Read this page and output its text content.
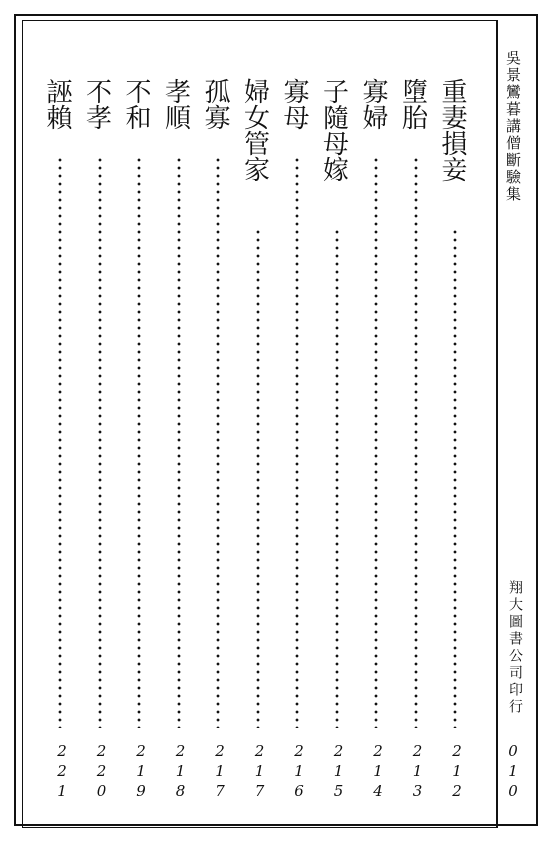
吳景鸞暮講僧斷驗集
翔大圖書公司印行
010
重妻損妾
212
墮胎
213
寡婦
214
子隨母嫁
215
寡母
216
婦女管家
217
孤寡
217
孝順
218
不和
219
不孝
220
誣賴
221
